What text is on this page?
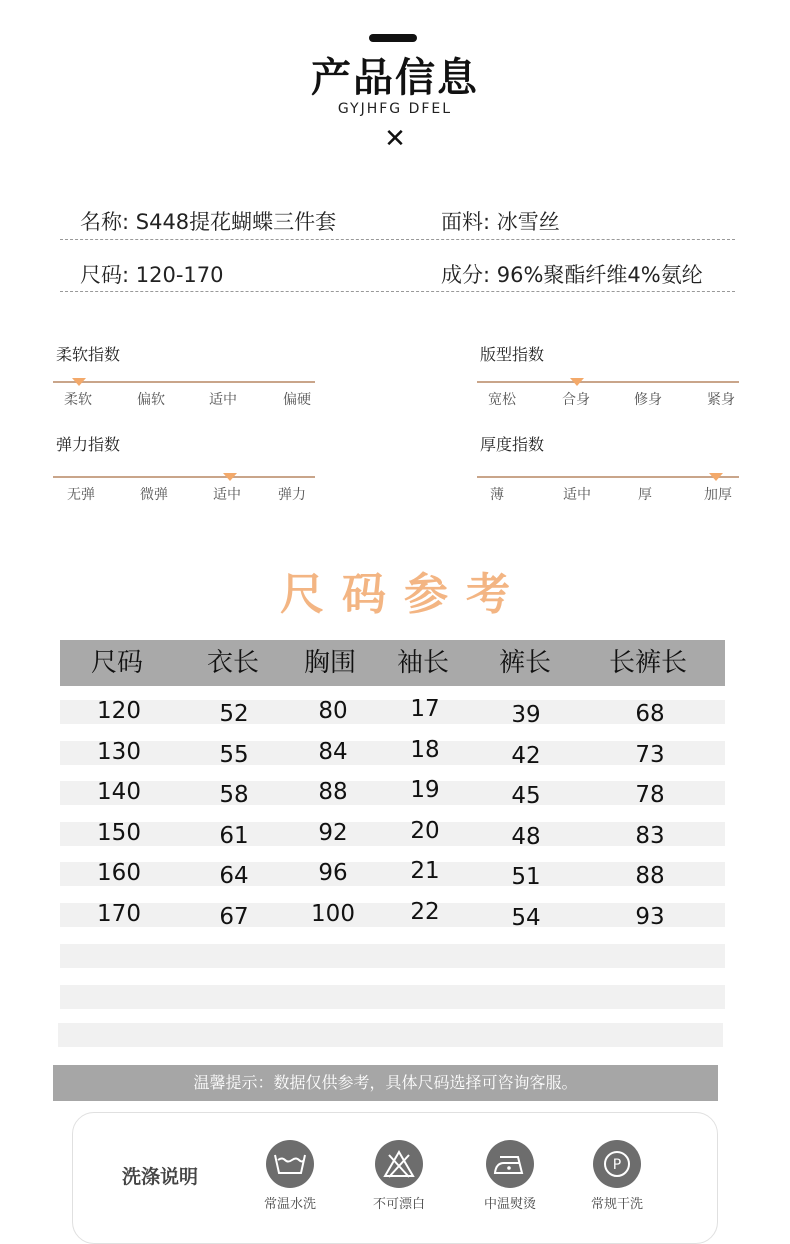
产品信息
GYJHFG DFEL
✕
名称: S448提花蝴蝶三件套	面料: 冰雪丝
尺码: 120-170	成分: 96%聚酯纤维4%氨纶
柔软指数
柔软	偏软	适中	偏硬
版型指数
宽松	合身	修身	紧身
弹力指数
无弹	微弹	适中	弹力
厚度指数
薄	适中	厚	加厚
尺码参考
尺码	衣长	胸围	袖长	裤长	长裤长
120	52	80	17	39	68
130	55	84	18	42	73
140	58	88	19	45	78
150	61	92	20	48	83
160	64	96	21	51	88
170	67	100	22	54	93
温馨提示：数据仅供参考，具体尺码选择可咨询客服。
洗涤说明
常温水洗	不可漂白	中温熨烫
P
常规干洗
